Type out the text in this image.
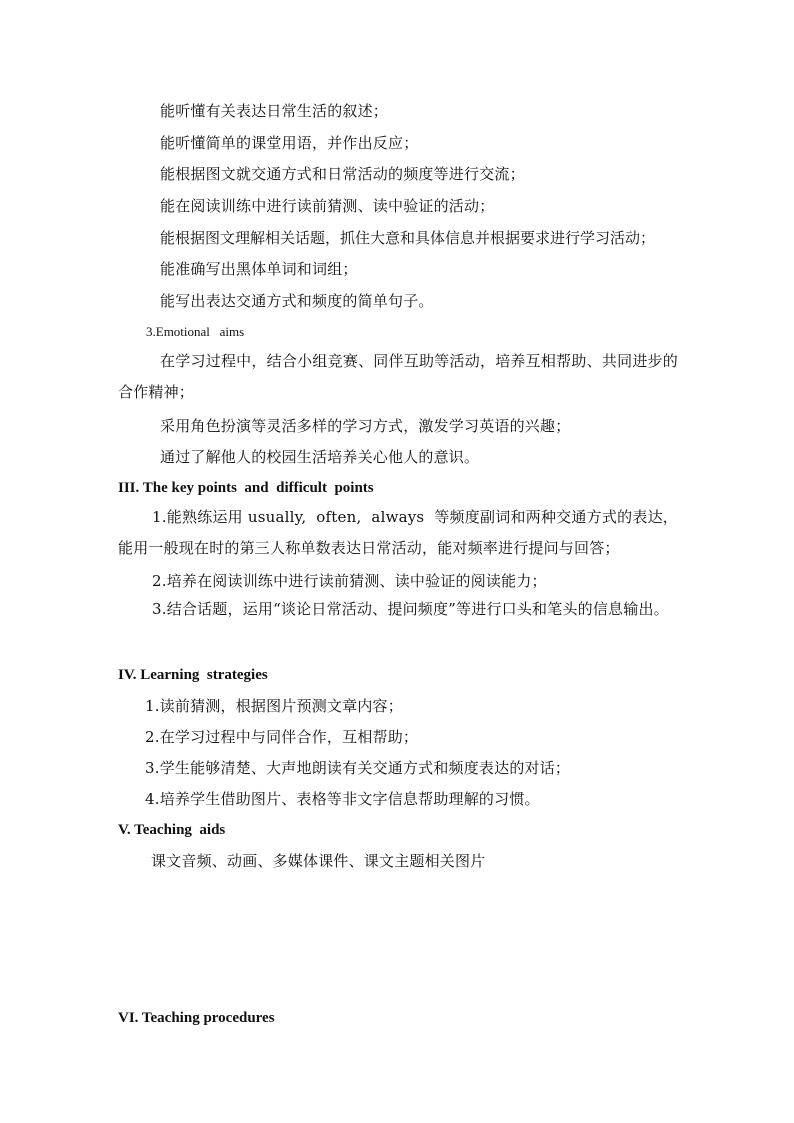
能听懂有关表达日常生活的叙述；
能听懂简单的课堂用语，并作出反应；
能根据图文就交通方式和日常活动的频度等进行交流；
能在阅读训练中进行读前猜测、读中验证的活动；
能根据图文理解相关话题，抓住大意和具体信息并根据要求进行学习活动；
能准确写出黑体单词和词组；
能写出表达交通方式和频度的简单句子。
3.Emotional   aims
在学习过程中，结合小组竞赛、同伴互助等活动，培养互相帮助、共同进步的合作精神；
采用角色扮演等灵活多样的学习方式，激发学习英语的兴趣；
通过了解他人的校园生活培养关心他人的意识。
III. The key points  and  difficult  points
1.能熟练运用 usually,  often,  always  等频度副词和两种交通方式的表达，能用一般现在时的第三人称单数表达日常活动，能对频率进行提问与回答；
2.培养在阅读训练中进行读前猜测、读中验证的阅读能力；
3.结合话题，运用“谈论日常活动、提问频度”等进行口头和笔头的信息输出。
IV. Learning  strategies
1.读前猜测，根据图片预测文章内容；
2.在学习过程中与同伴合作，互相帮助；
3.学生能够清楚、大声地朗读有关交通方式和频度表达的对话；
4.培养学生借助图片、表格等非文字信息帮助理解的习惯。
V. Teaching  aids
课文音频、动画、多媒体课件、课文主题相关图片
VI. Teaching procedures
